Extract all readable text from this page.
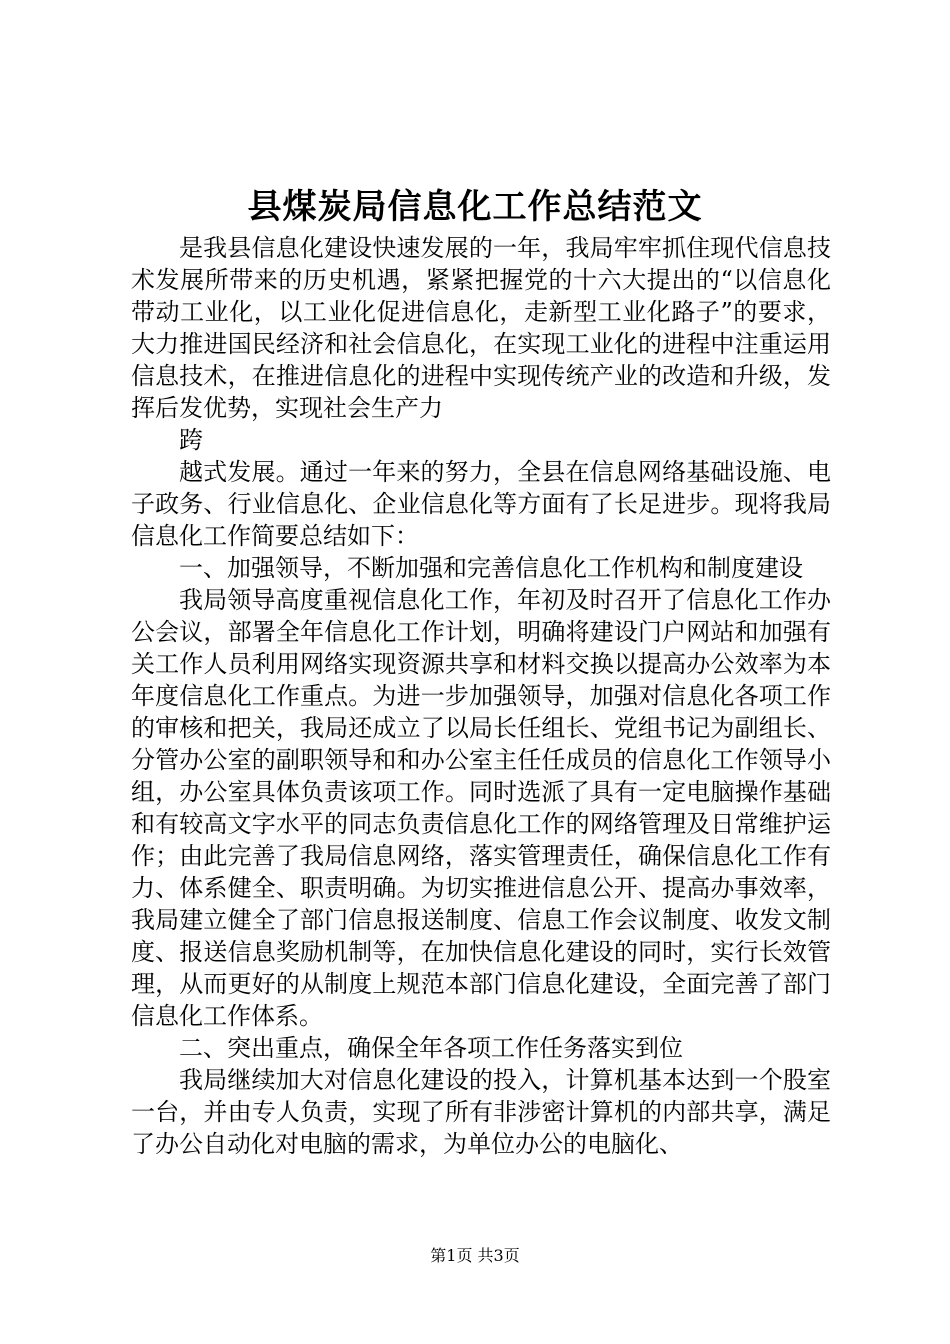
县煤炭局信息化工作总结范文

是我县信息化建设快速发展的一年，我局牢牢抓住现代信息技术发展所带来的历史机遇，紧紧把握党的十六大提出的“以信息化带动工业化，以工业化促进信息化，走新型工业化路子”的要求，大力推进国民经济和社会信息化，在实现工业化的进程中注重运用信息技术，在推进信息化的进程中实现传统产业的改造和升级，发挥后发优势，实现社会生产力

跨

越式发展。通过一年来的努力，全县在信息网络基础设施、电子政务、行业信息化、企业信息化等方面有了长足进步。现将我局信息化工作简要总结如下：

一、加强领导，不断加强和完善信息化工作机构和制度建设

我局领导高度重视信息化工作，年初及时召开了信息化工作办公会议，部署全年信息化工作计划，明确将建设门户网站和加强有关工作人员利用网络实现资源共享和材料交换以提高办公效率为本年度信息化工作重点。为进一步加强领导，加强对信息化各项工作的审核和把关，我局还成立了以局长任组长、党组书记为副组长、分管办公室的副职领导和和办公室主任任成员的信息化工作领导小组，办公室具体负责该项工作。同时选派了具有一定电脑操作基础和有较高文字水平的同志负责信息化工作的网络管理及日常维护运作；由此完善了我局信息网络，落实管理责任，确保信息化工作有力、体系健全、职责明确。为切实推进信息公开、提高办事效率，我局建立健全了部门信息报送制度、信息工作会议制度、收发文制度、报送信息奖励机制等，在加快信息化建设的同时，实行长效管理，从而更好的从制度上规范本部门信息化建设，全面完善了部门信息化工作体系。

二、突出重点，确保全年各项工作任务落实到位

我局继续加大对信息化建设的投入，计算机基本达到一个股室一台，并由专人负责，实现了所有非涉密计算机的内部共享，满足了办公自动化对电脑的需求，为单位办公的电脑化、

第1页 共3页
